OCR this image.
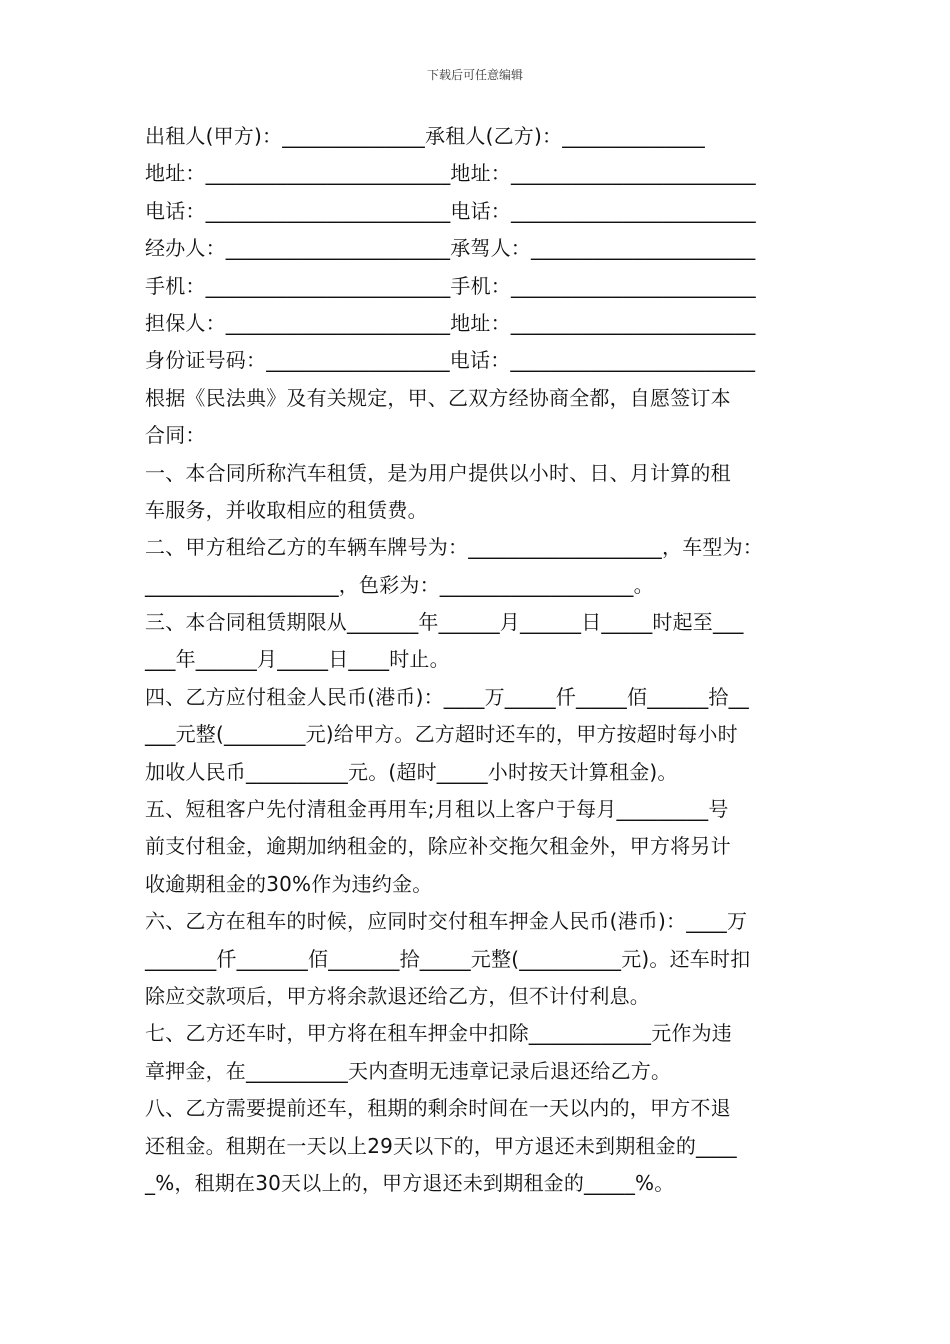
下载后可任意编辑
出租人(甲方)：______________承租人(乙方)：______________
地址：________________________地址：________________________
电话：________________________电话：________________________
经办人：______________________承驾人：______________________
手机：________________________手机：________________________
担保人：______________________地址：________________________
身份证号码：__________________电话：________________________
根据《民法典》及有关规定，甲、乙双方经协商全都，自愿签订本
合同：
一、本合同所称汽车租赁，是为用户提供以小时、日、月计算的租
车服务，并收取相应的租赁费。
二、甲方租给乙方的车辆车牌号为：___________________，车型为：
___________________，色彩为：___________________。
三、本合同租赁期限从_______年______月______日_____时起至___
___年______月_____日____时止。
四、乙方应付租金人民币(港币)：____万_____仟_____佰______拾__
___元整(________元)给甲方。乙方超时还车的，甲方按超时每小时
加收人民币__________元。(超时_____小时按天计算租金)。
五、短租客户先付清租金再用车;月租以上客户于每月_________号
前支付租金，逾期加纳租金的，除应补交拖欠租金外，甲方将另计
收逾期租金的30%作为违约金。
六、乙方在租车的时候，应同时交付租车押金人民币(港币)：____万
_______仟_______佰_______拾_____元整(__________元)。还车时扣
除应交款项后，甲方将余款退还给乙方，但不计付利息。
七、乙方还车时，甲方将在租车押金中扣除____________元作为违
章押金，在__________天内查明无违章记录后退还给乙方。
八、乙方需要提前还车，租期的剩余时间在一天以内的，甲方不退
还租金。租期在一天以上29天以下的，甲方退还未到期租金的____
_%，租期在30天以上的，甲方退还未到期租金的_____%。
